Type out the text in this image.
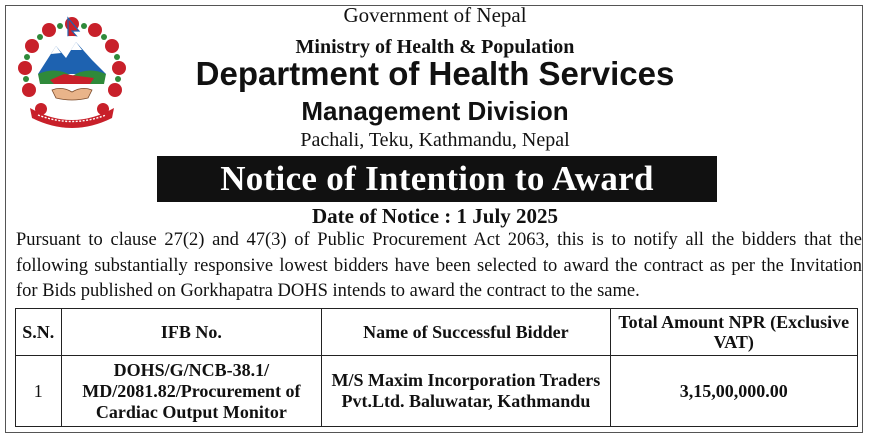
Government of Nepal
Ministry of Health & Population
Department of Health Services
Management Division
Pachali, Teku, Kathmandu, Nepal
Notice of Intention to Award
Date of Notice : 1 July 2025

Pursuant to clause 27(2) and 47(3) of Public Procurement Act 2063, this is to notify all the bidders that the following substantially responsive lowest bidders have been selected to award the contract as per the Invitation for Bids published on Gorkhapatra DOHS intends to award the contract to the same.

S.N.	IFB No.	Name of Successful Bidder	Total Amount NPR (Exclusive VAT)
1	DOHS/G/NCB-38.1/ MD/2081.82/Procurement of Cardiac Output Monitor	M/S Maxim Incorporation Traders Pvt.Ltd. Baluwatar, Kathmandu	3,15,00,000.00
